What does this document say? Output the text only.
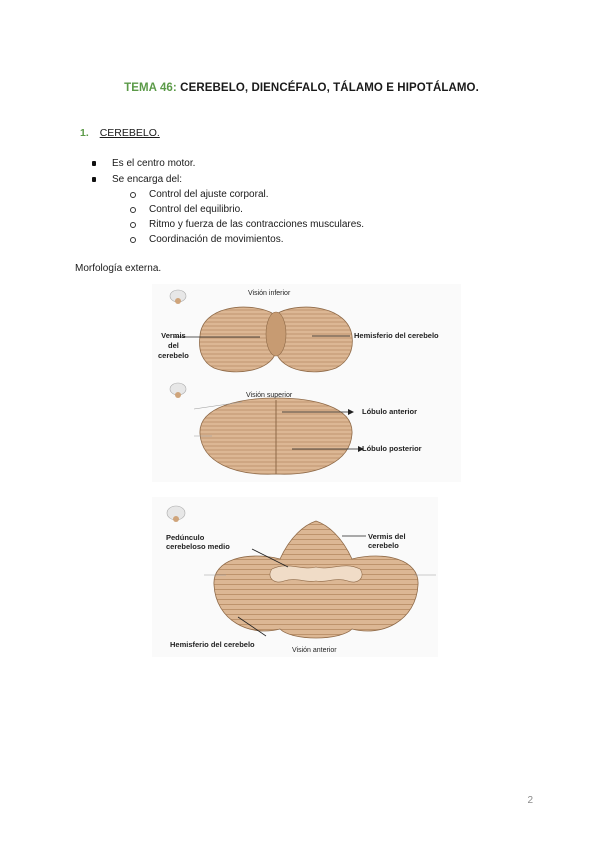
TEMA 46: CEREBELO, DIENCÉFALO, TÁLAMO E HIPOTÁLAMO.
1. CEREBELO.
Es el centro motor.
Se encarga del:
Control del ajuste corporal.
Control del equilibrio.
Ritmo y fuerza de las contracciones musculares.
Coordinación de movimientos.
Morfología externa.
Visión inferior
Vermis
del
cerebelo
Hemisferio del cerebelo
Visión superior
Lóbulo anterior
Lóbulo posterior
Pedúnculo
cerebeloso medio
Vermis del cerebelo
Hemisferio del cerebelo
Visión anterior
2
